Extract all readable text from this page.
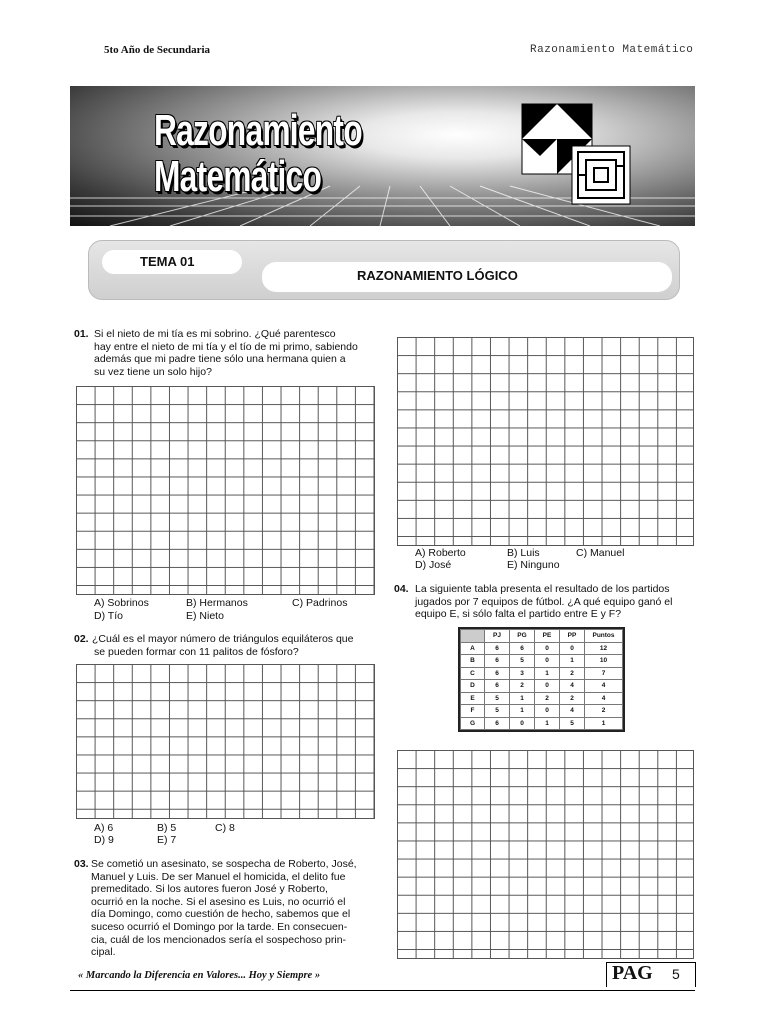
5to Año de Secundaria	Razonamiento Matemático
Razonamiento
Matemático
TEMA 01
RAZONAMIENTO LÓGICO
01. Si el nieto de mi tía es mi sobrino. ¿Qué parentesco
hay entre el nieto de mi tía y el tío de mi primo, sabiendo
además que mi padre tiene sólo una hermana quien a
su vez tiene un solo hijo?
A) Sobrinos	B) Hermanos	C) Padrinos
D) Tío	E) Nieto
02. ¿Cuál es el mayor número de triángulos equiláteros que
se pueden formar con 11 palitos de fósforo?
A) 6	B) 5	C) 8
D) 9	E) 7
03. Se cometió un asesinato, se sospecha de Roberto, José,
Manuel y Luis. De ser Manuel el homicida, el delito fue
premeditado. Si los autores fueron José y Roberto,
ocurrió en la noche. Si el asesino es Luis, no ocurrió el
día Domingo, como cuestión de hecho, sabemos que el
suceso ocurrió el Domingo por la tarde. En consecuen-
cia, cuál de los mencionados sería el sospechoso prin-
cipal.
A) Roberto	B) Luis	C) Manuel
D) José	E) Ninguno
04. La siguiente tabla presenta el resultado de los partidos
jugados por 7 equipos de fútbol. ¿A qué equipo ganó el
equipo E, si sólo falta el partido entre E y F?
	PJ	PG	PE	PP	Puntos
A	6	6	0	0	12
B	6	5	0	1	10
C	6	3	1	2	7
D	6	2	0	4	4
E	5	1	2	2	4
F	5	1	0	4	2
G	6	0	1	5	1
« Marcando la Diferencia en Valores... Hoy y Siempre »	PAG 5
